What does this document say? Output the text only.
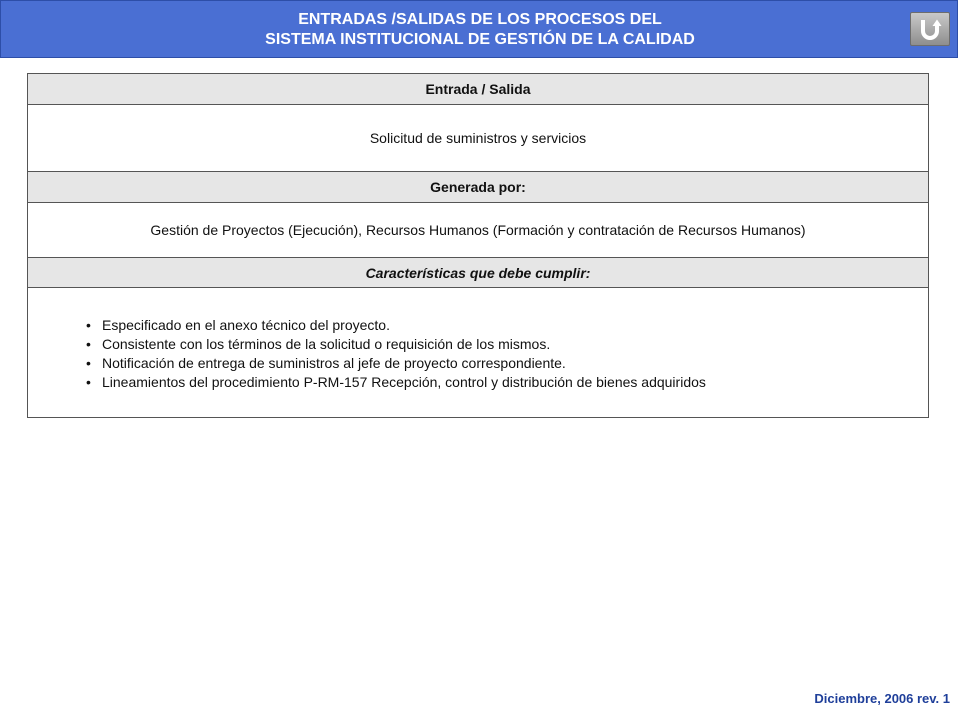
ENTRADAS /SALIDAS DE LOS PROCESOS DEL
SISTEMA INSTITUCIONAL DE GESTIÓN DE LA CALIDAD
Entrada / Salida
Solicitud de suministros y servicios
Generada por:
Gestión de Proyectos (Ejecución), Recursos Humanos (Formación y contratación de Recursos Humanos)
Características que debe cumplir:
• Especificado en el anexo técnico del proyecto.
• Consistente con los términos de la solicitud o requisición de los mismos.
• Notificación de entrega de suministros al jefe de proyecto correspondiente.
• Lineamientos del procedimiento P-RM-157 Recepción, control y distribución de bienes adquiridos
Diciembre, 2006 rev. 1
